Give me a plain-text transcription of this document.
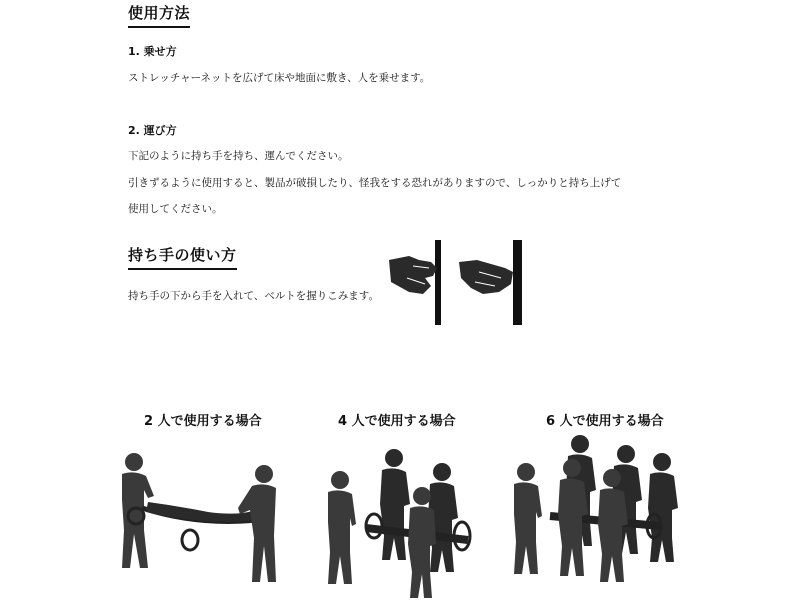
使用方法
1. 乗せ方
ストレッチャーネットを広げて床や地面に敷き、人を乗せます。
2. 運び方
下記のように持ち手を持ち、運んでください。
引きずるように使用すると、製品が破損したり、怪我をする恐れがありますので、しっかりと持ち上げて
使用してください。
持ち手の使い方
持ち手の下から手を入れて、ベルトを握りこみます。
2 人で使用する場合	4 人で使用する場合	6 人で使用する場合
